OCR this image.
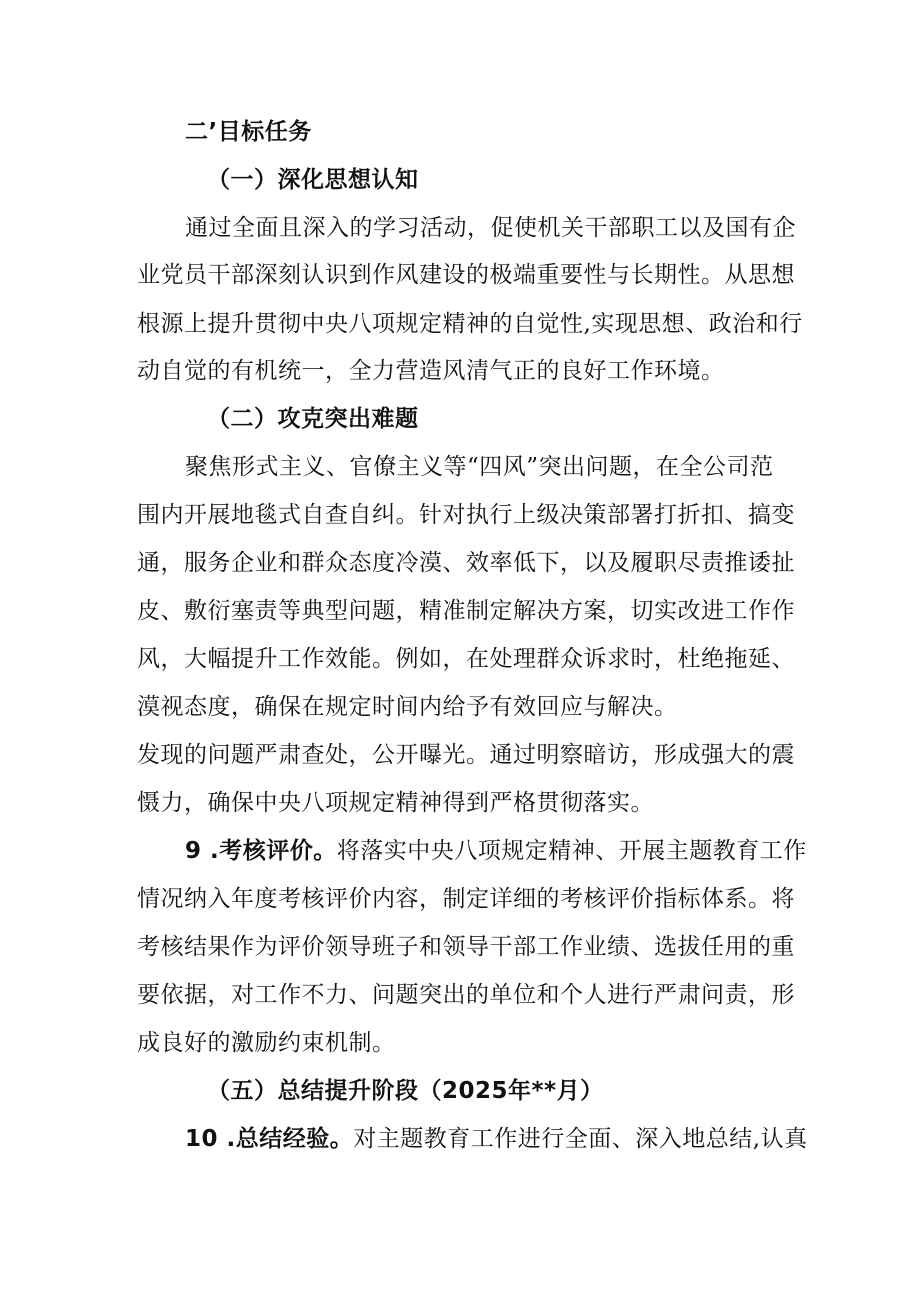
二’目标任务
（一）深化思想认知
通过全面且深入的学习活动，促使机关干部职工以及国有企
业党员干部深刻认识到作风建设的极端重要性与长期性。从思想
根源上提升贯彻中央八项规定精神的自觉性,实现思想、政治和行
动自觉的有机统一，全力营造风清气正的良好工作环境。
（二）攻克突出难题
聚焦形式主义、官僚主义等“四风”突出问题，在全公司范
围内开展地毯式自查自纠。针对执行上级决策部署打折扣、搞变
通，服务企业和群众态度冷漠、效率低下，以及履职尽责推诿扯
皮、敷衍塞责等典型问题，精准制定解决方案，切实改进工作作
风，大幅提升工作效能。例如，在处理群众诉求时，杜绝拖延、
漠视态度，确保在规定时间内给予有效回应与解决。
发现的问题严肃查处，公开曝光。通过明察暗访，形成强大的震
慑力，确保中央八项规定精神得到严格贯彻落实。
9 .考核评价。将落实中央八项规定精神、开展主题教育工作
情况纳入年度考核评价内容，制定详细的考核评价指标体系。将
考核结果作为评价领导班子和领导干部工作业绩、选拔任用的重
要依据，对工作不力、问题突出的单位和个人进行严肃问责，形
成良好的激励约束机制。
（五）总结提升阶段（2025年**月）
10 .总结经验。对主题教育工作进行全面、深入地总结,认真
